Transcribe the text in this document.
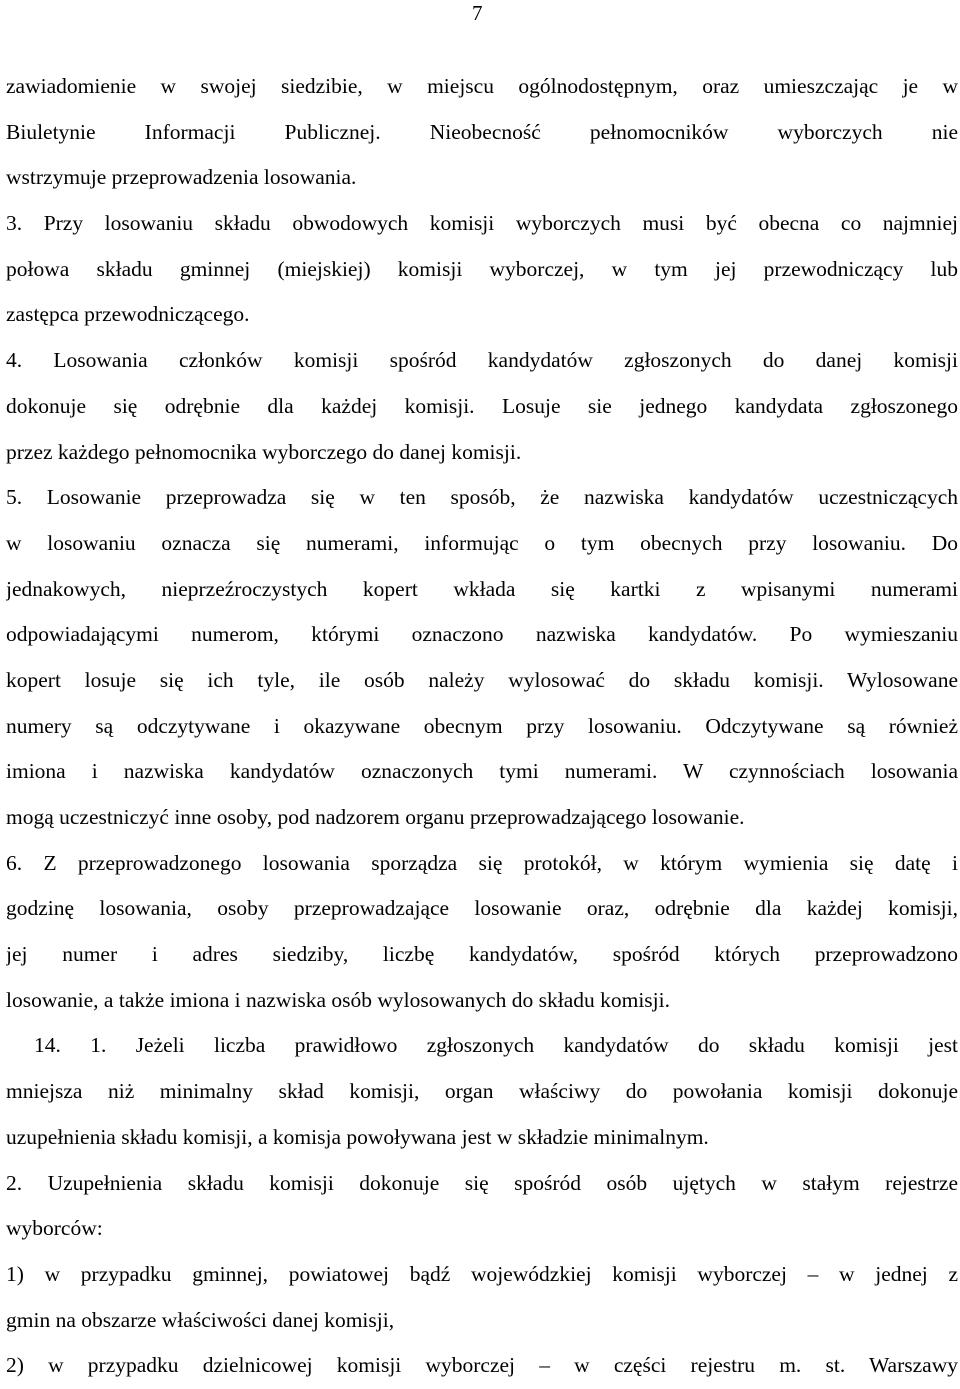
7
zawiadomienie w swojej siedzibie, w miejscu ogólnodostępnym, oraz umieszczając je w
Biuletynie Informacji Publicznej. Nieobecność pełnomocników wyborczych nie
wstrzymuje przeprowadzenia losowania.
3. Przy losowaniu składu obwodowych komisji wyborczych musi być obecna co najmniej
połowa składu gminnej (miejskiej) komisji wyborczej, w tym jej przewodniczący lub
zastępca przewodniczącego.
4. Losowania członków komisji spośród kandydatów zgłoszonych do danej komisji
dokonuje się odrębnie dla każdej komisji. Losuje sie jednego kandydata zgłoszonego
przez każdego pełnomocnika wyborczego do danej komisji.
5. Losowanie przeprowadza się w ten sposób, że nazwiska kandydatów uczestniczących
w losowaniu oznacza się numerami, informując o tym obecnych przy losowaniu. Do
jednakowych, nieprzeźroczystych kopert wkłada się kartki z wpisanymi numerami
odpowiadającymi numerom, którymi oznaczono nazwiska kandydatów. Po wymieszaniu
kopert losuje się ich tyle, ile osób należy wylosować do składu komisji. Wylosowane
numery są odczytywane i okazywane obecnym przy losowaniu. Odczytywane są również
imiona i nazwiska kandydatów oznaczonych tymi numerami. W czynnościach losowania
mogą uczestniczyć inne osoby, pod nadzorem organu przeprowadzającego losowanie.
6. Z przeprowadzonego losowania sporządza się protokół, w którym wymienia się datę i
godzinę losowania, osoby przeprowadzające losowanie oraz, odrębnie dla każdej komisji,
jej numer i adres siedziby, liczbę kandydatów, spośród których przeprowadzono
losowanie, a także imiona i nazwiska osób wylosowanych do składu komisji.
14. 1. Jeżeli liczba prawidłowo zgłoszonych kandydatów do składu komisji jest
mniejsza niż minimalny skład komisji, organ właściwy do powołania komisji dokonuje
uzupełnienia składu komisji, a komisja powoływana jest w składzie minimalnym.
2. Uzupełnienia składu komisji dokonuje się spośród osób ujętych w stałym rejestrze
wyborców:
1) w przypadku gminnej, powiatowej bądź wojewódzkiej komisji wyborczej – w jednej z
gmin na obszarze właściwości danej komisji,
2) w przypadku dzielnicowej komisji wyborczej – w części rejestru m. st. Warszawy
